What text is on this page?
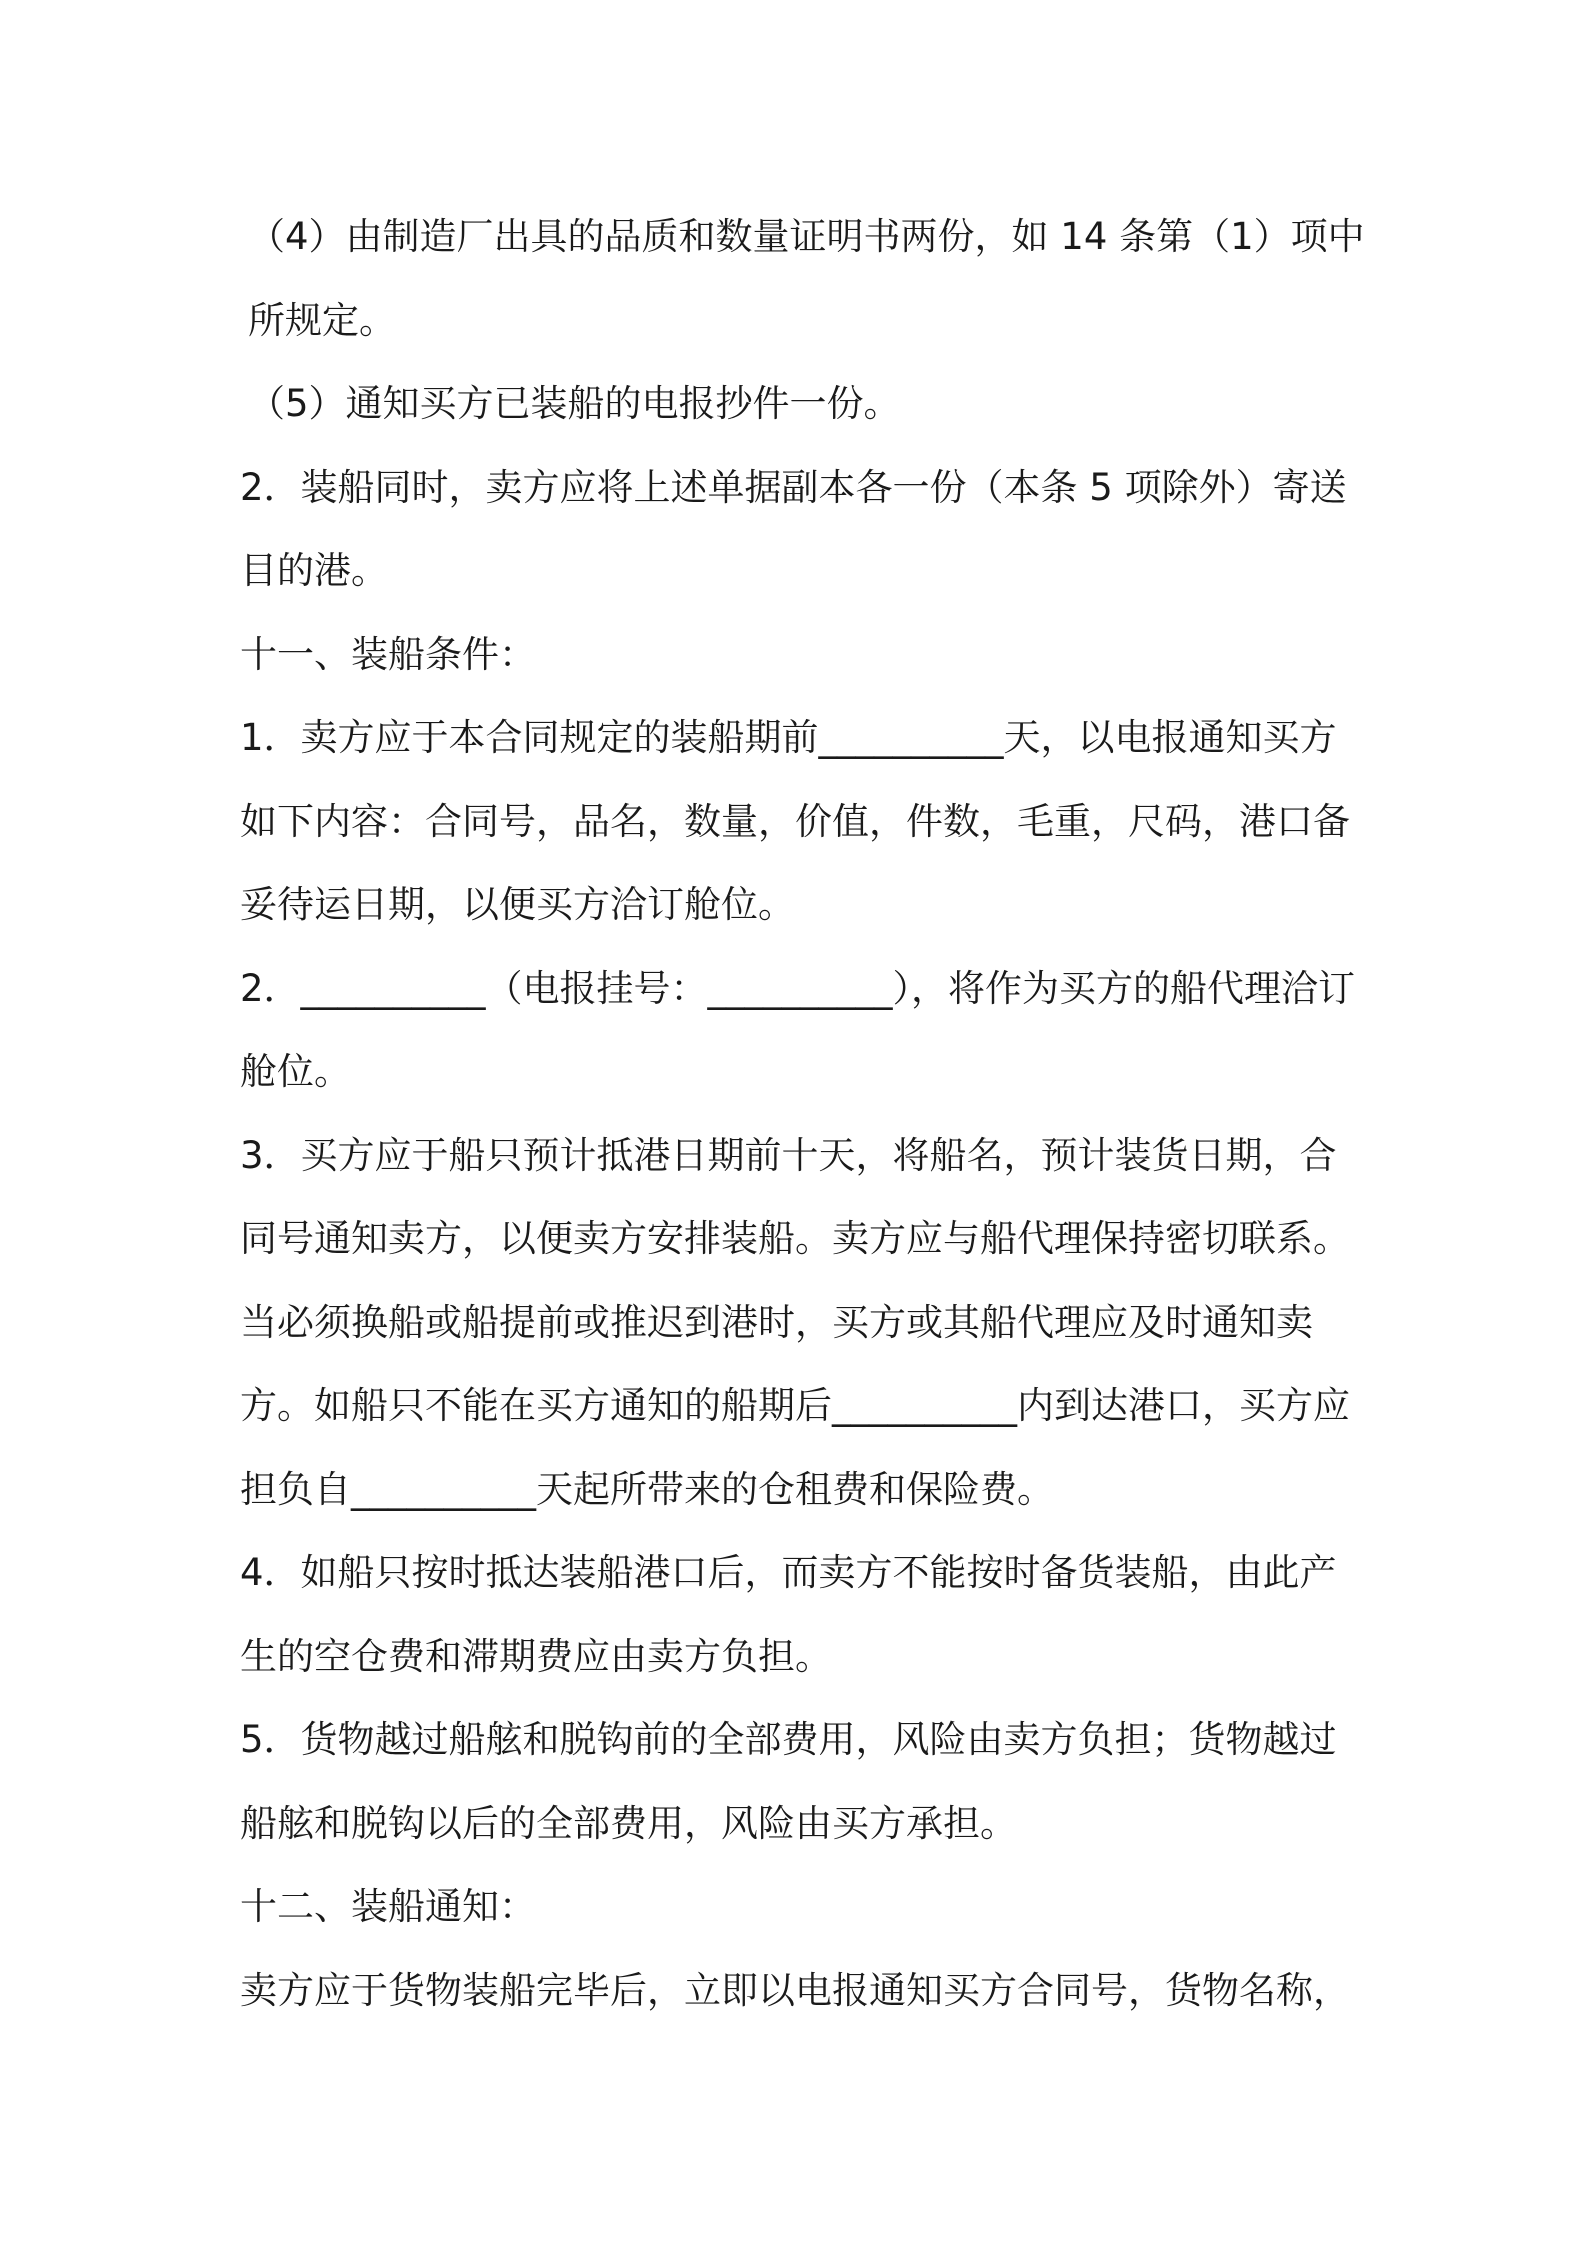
（4）由制造厂出具的品质和数量证明书两份，如 14 条第（1）项中所规定。

（5）通知买方已装船的电报抄件一份。

2．装船同时，卖方应将上述单据副本各一份（本条 5 项除外）寄送目的港。

十一、装船条件：

1．卖方应于本合同规定的装船期前__________天，以电报通知买方如下内容：合同号，品名，数量，价值，件数，毛重，尺码，港口备妥待运日期，以便买方洽订舱位。

2．__________（电报挂号：__________），将作为买方的船代理洽订舱位。

3．买方应于船只预计抵港日期前十天，将船名，预计装货日期，合同号通知卖方，以便卖方安排装船。卖方应与船代理保持密切联系。当必须换船或船提前或推迟到港时，买方或其船代理应及时通知卖方。如船只不能在买方通知的船期后__________内到达港口，买方应担负自__________天起所带来的仓租费和保险费。

4．如船只按时抵达装船港口后，而卖方不能按时备货装船，由此产生的空仓费和滞期费应由卖方负担。

5．货物越过船舷和脱钩前的全部费用，风险由卖方负担；货物越过船舷和脱钩以后的全部费用，风险由买方承担。

十二、装船通知：

卖方应于货物装船完毕后，立即以电报通知买方合同号，货物名称，
